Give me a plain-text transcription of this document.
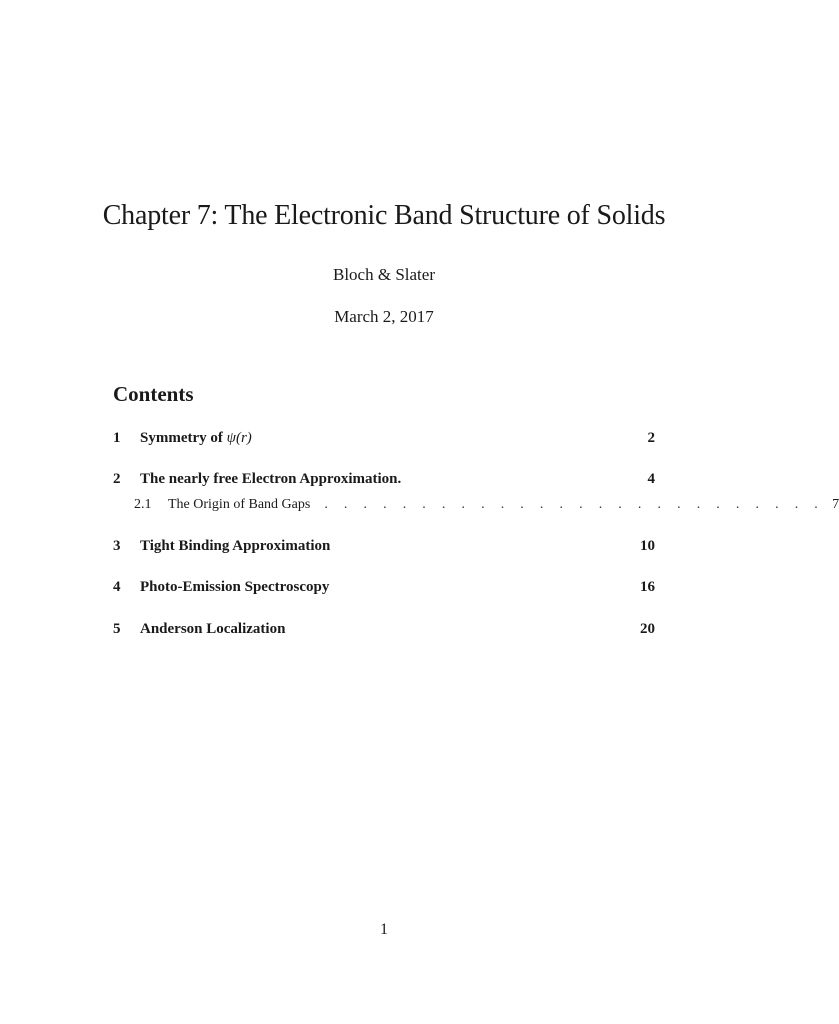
Chapter 7: The Electronic Band Structure of Solids
Bloch & Slater
March 2, 2017
Contents
1	Symmetry of ψ(r)	2
2	The nearly free Electron Approximation.	4
2.1	The Origin of Band Gaps	. . . . . . . . . . . . . . . . . . . . . . . . . . 7
3	Tight Binding Approximation	10
4	Photo-Emission Spectroscopy	16
5	Anderson Localization	20
1
